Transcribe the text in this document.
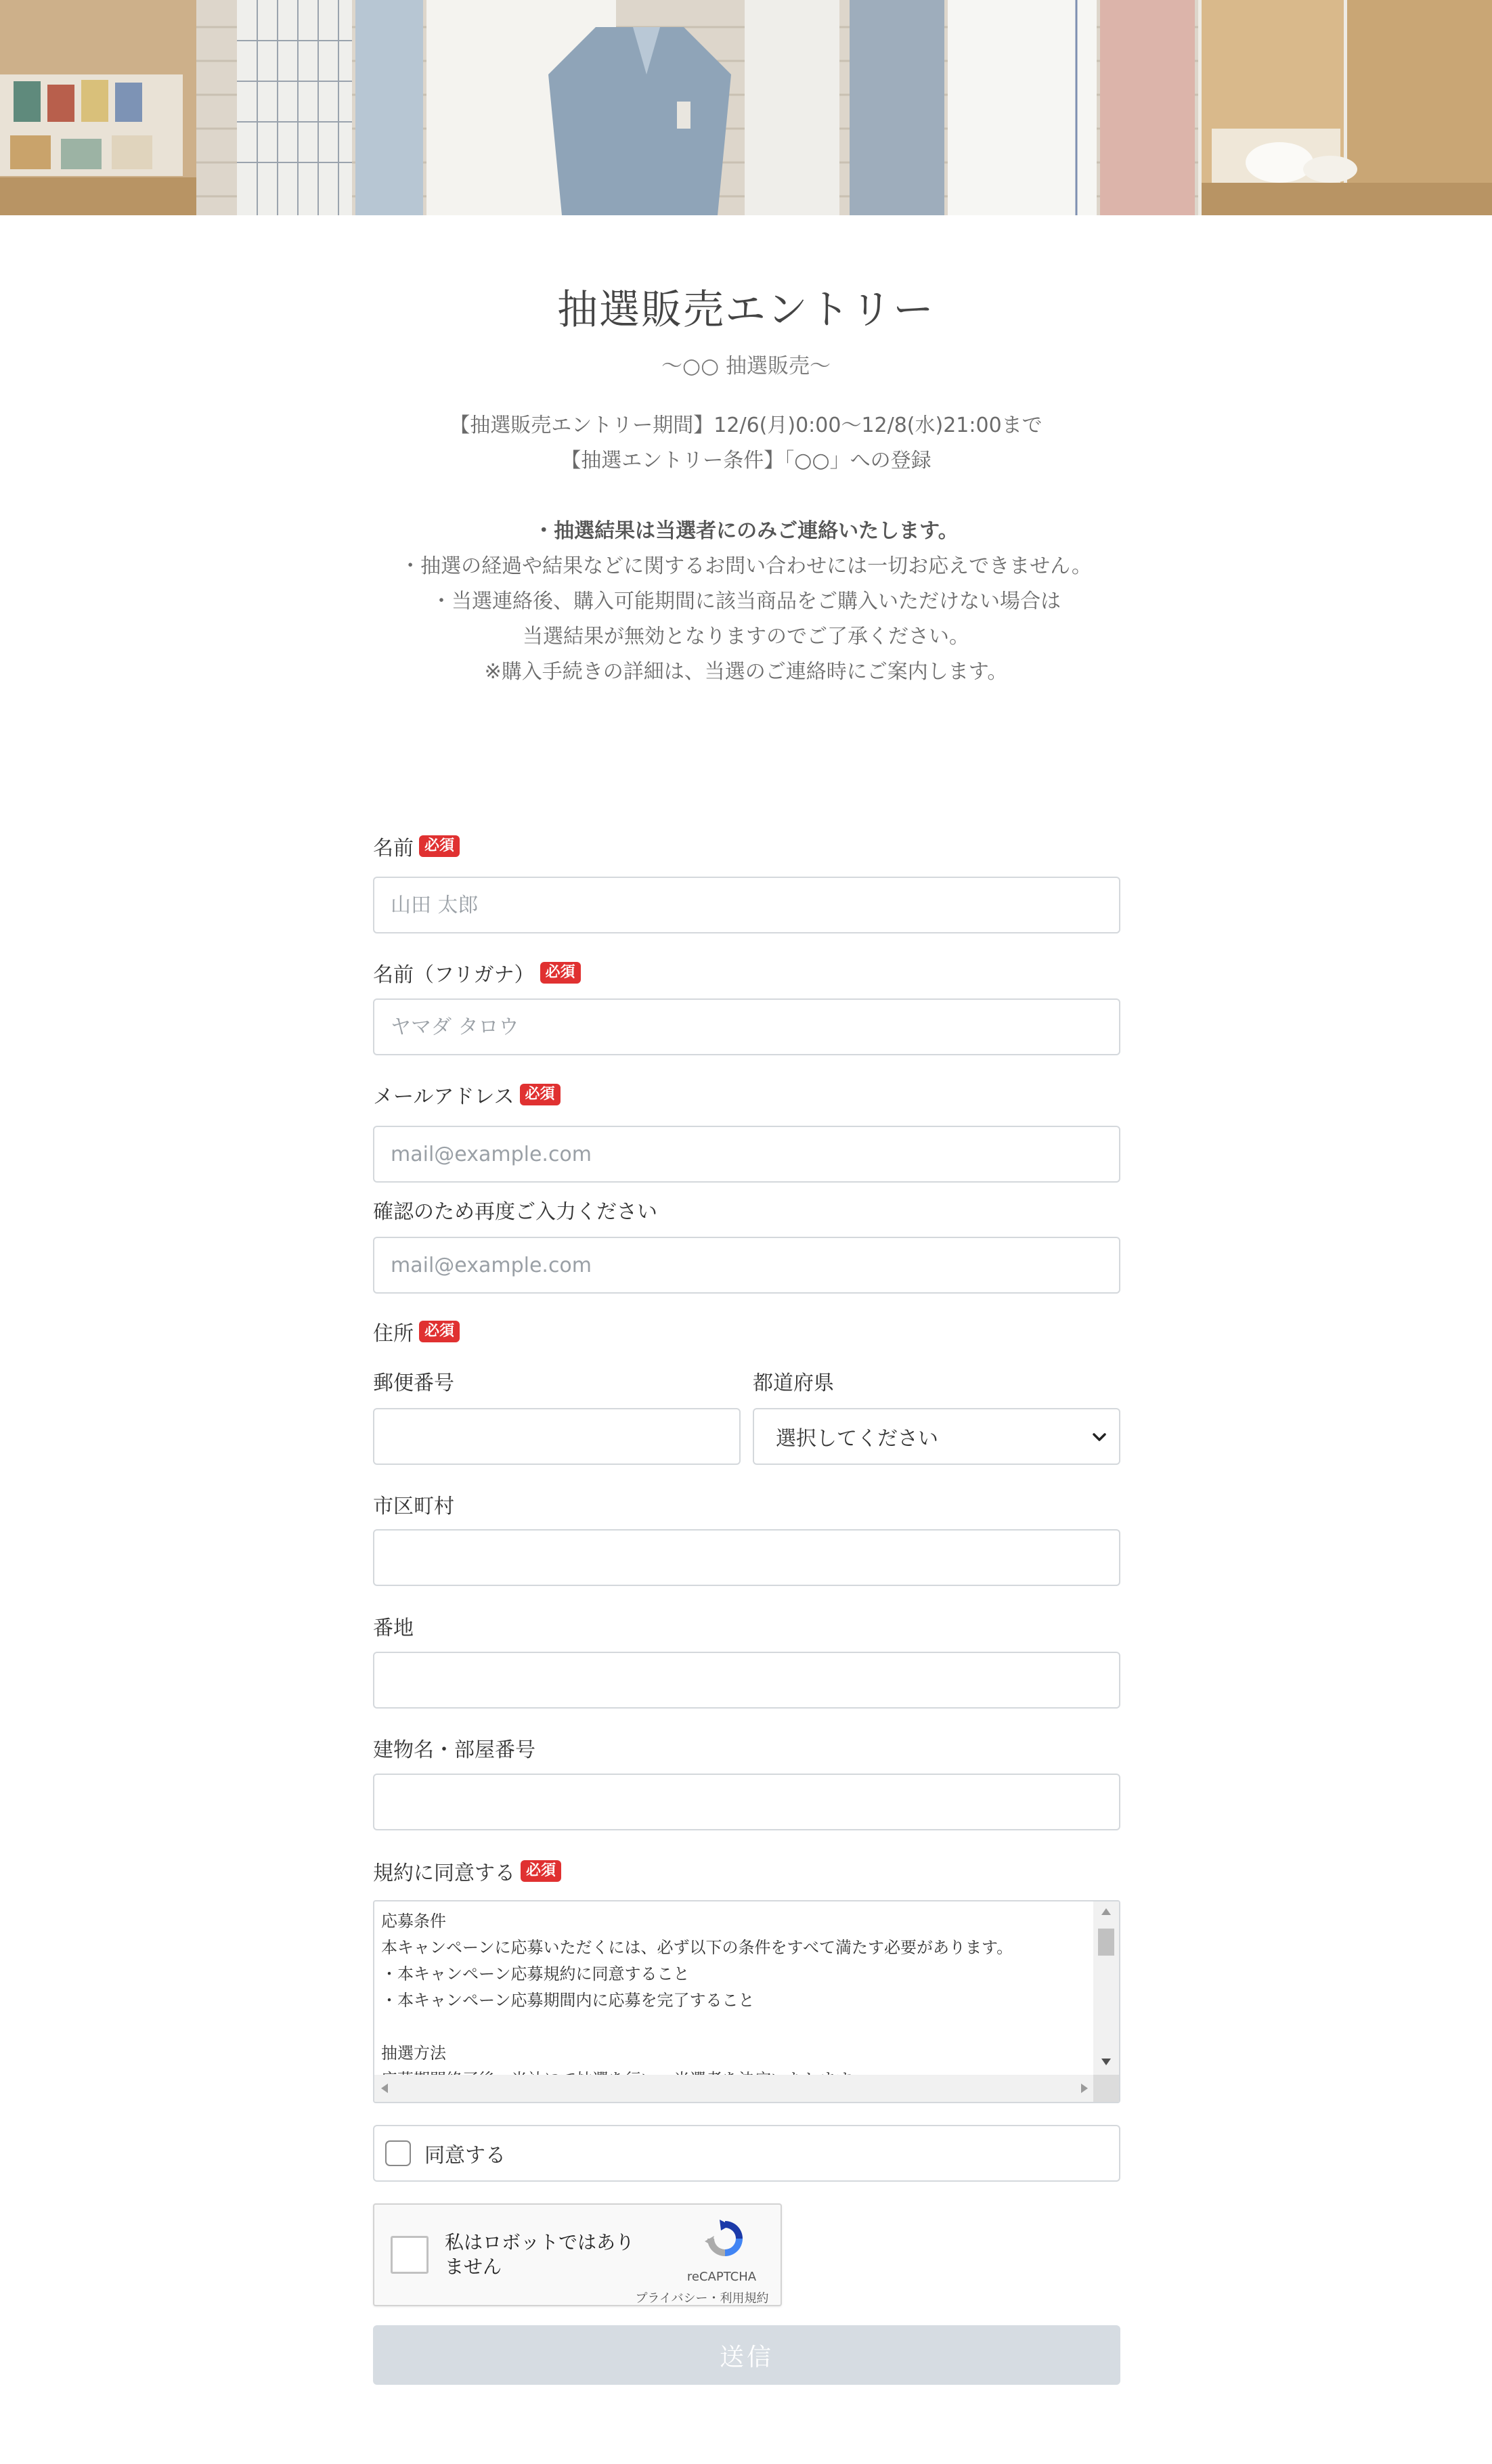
抽選販売エントリー
〜○○ 抽選販売〜
【抽選販売エントリー期間】12/6(月)0:00〜12/8(水)21:00まで
【抽選エントリー条件】「○○」への登録
・抽選結果は当選者にのみご連絡いたします。
・抽選の経過や結果などに関するお問い合わせには一切お応えできません。
・当選連絡後、購入可能期間に該当商品をご購入いただけない場合は
当選結果が無効となりますのでご了承ください。
※購入手続きの詳細は、当選のご連絡時にご案内します。
名前 必須
山田 太郎
名前（フリガナ） 必須
ヤマダ タロウ
メールアドレス 必須
mail@example.com
確認のため再度ご入力ください
mail@example.com
住所 必須
郵便番号	都道府県
選択してください
市区町村
番地
建物名・部屋番号
規約に同意する 必須
応募条件
本キャンペーンに応募いただくには、必ず以下の条件をすべて満たす必要があります。
・本キャンペーン応募規約に同意すること
・本キャンペーン応募期間内に応募を完了すること

抽選方法

同意する
私はロボットではありません	reCAPTCHA
プライバシー・利用規約
送信
